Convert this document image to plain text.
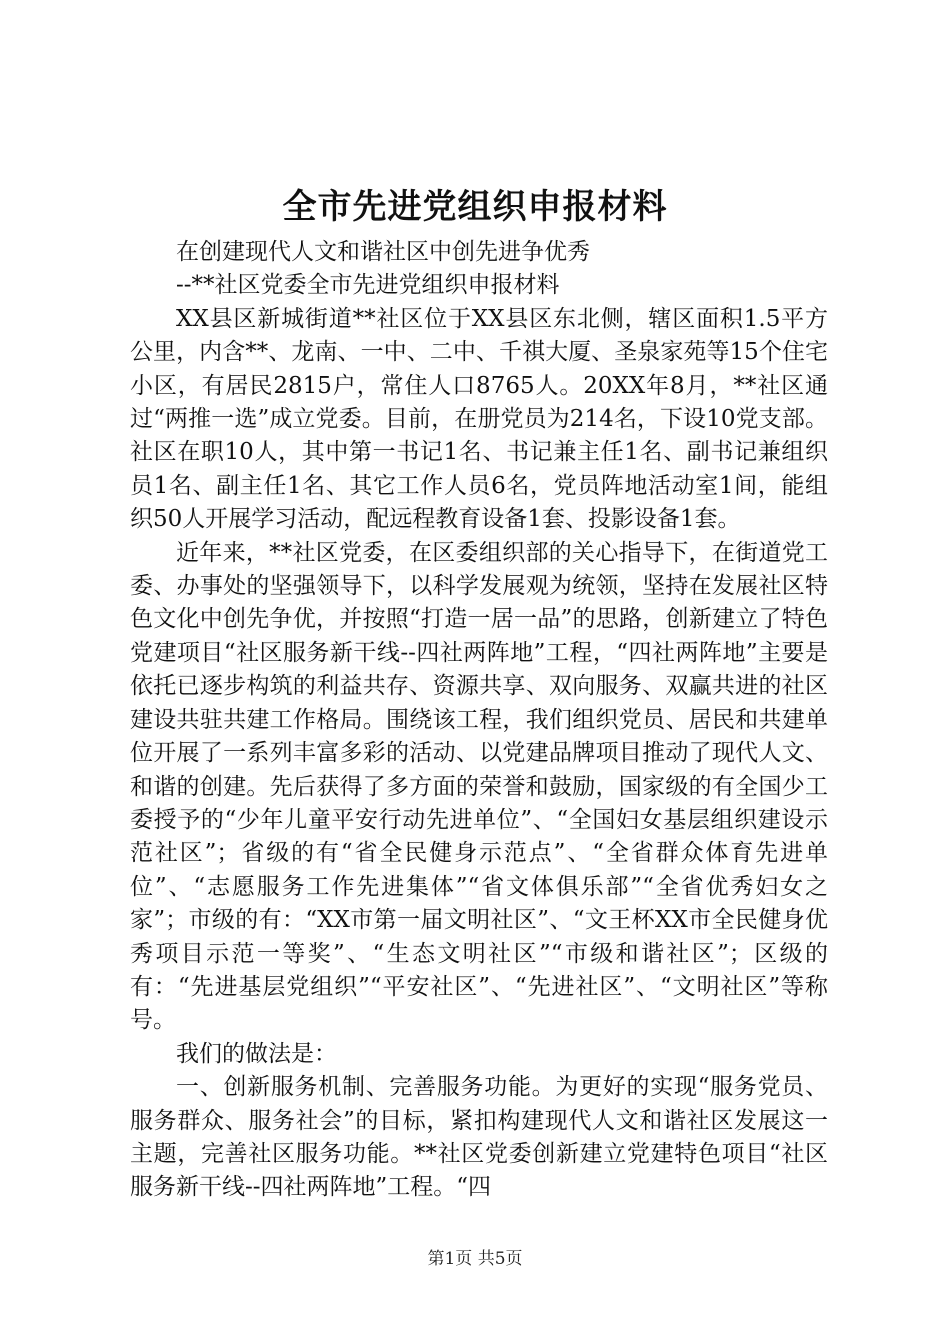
全市先进党组织申报材料

在创建现代人文和谐社区中创先进争优秀

--**社区党委全市先进党组织申报材料

XX县区新城街道**社区位于XX县区东北侧，辖区面积1.5平方公里，内含**、龙南、一中、二中、千祺大厦、圣泉家苑等15个住宅小区，有居民2815户，常住人口8765人。20XX年8月，**社区通过“两推一选”成立党委。目前，在册党员为214名，下设10党支部。社区在职10人，其中第一书记1名、书记兼主任1名、副书记兼组织员1名、副主任1名、其它工作人员6名，党员阵地活动室1间，能组织50人开展学习活动，配远程教育设备1套、投影设备1套。

近年来，**社区党委，在区委组织部的关心指导下，在街道党工委、办事处的坚强领导下，以科学发展观为统领，坚持在发展社区特色文化中创先争优，并按照“打造一居一品”的思路，创新建立了特色党建项目“社区服务新干线--四社两阵地”工程，“四社两阵地”主要是依托已逐步构筑的利益共存、资源共享、双向服务、双赢共进的社区建设共驻共建工作格局。围绕该工程，我们组织党员、居民和共建单位开展了一系列丰富多彩的活动、以党建品牌项目推动了现代人文、和谐的创建。先后获得了多方面的荣誉和鼓励，国家级的有全国少工委授予的“少年儿童平安行动先进单位”、“全国妇女基层组织建设示范社区”；省级的有“省全民健身示范点”、“全省群众体育先进单位”、“志愿服务工作先进集体”“省文体俱乐部”“全省优秀妇女之家”；市级的有：“XX市第一届文明社区”、“文王杯XX市全民健身优秀项目示范一等奖”、“生态文明社区”“市级和谐社区”；区级的有：“先进基层党组织”“平安社区”、“先进社区”、“文明社区”等称号。

我们的做法是：

一、创新服务机制、完善服务功能。为更好的实现“服务党员、服务群众、服务社会”的目标，紧扣构建现代人文和谐社区发展这一主题，完善社区服务功能。**社区党委创新建立党建特色项目“社区服务新干线--四社两阵地”工程。“四

第1页 共5页
